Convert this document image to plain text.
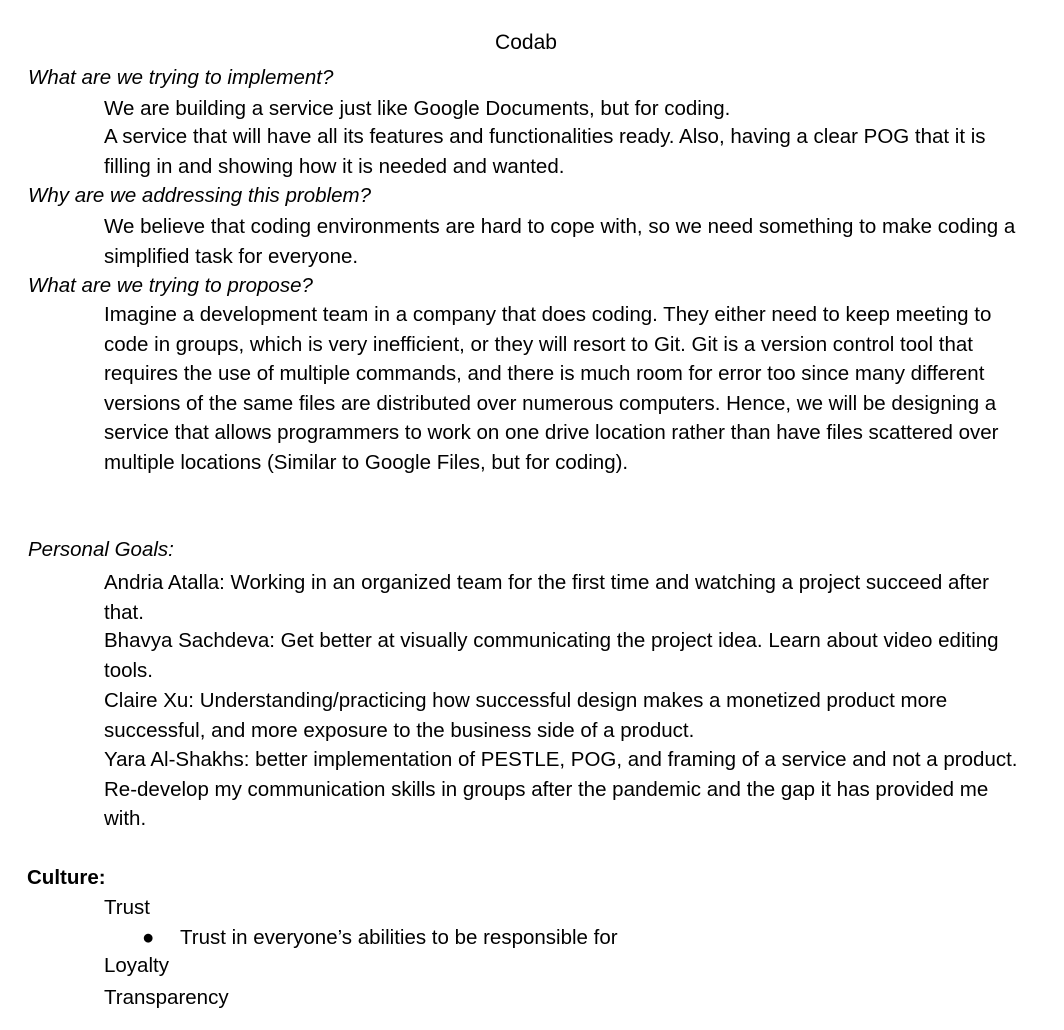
Codab
What are we trying to implement?
We are building a service just like Google Documents, but for coding.
A service that will have all its features and functionalities ready. Also, having a clear POG that it is filling in and showing how it is needed and wanted.
Why are we addressing this problem?
We believe that coding environments are hard to cope with, so we need something to make coding a simplified task for everyone.
What are we trying to propose?
Imagine a development team in a company that does coding. They either need to keep meeting to code in groups, which is very inefficient, or they will resort to Git. Git is a version control tool that requires the use of multiple commands, and there is much room for error too since many different versions of the same files are distributed over numerous computers. Hence, we will be designing a service that allows programmers to work on one drive location rather than have files scattered over multiple locations (Similar to Google Files, but for coding).
Personal Goals:
Andria Atalla: Working in an organized team for the first time and watching a project succeed after that.
Bhavya Sachdeva: Get better at visually communicating the project idea. Learn about video editing tools.
Claire Xu: Understanding/practicing how successful design makes a monetized product more successful, and more exposure to the business side of a product.
Yara Al-Shakhs: better implementation of PESTLE, POG, and framing of a service and not a product. Re-develop my communication skills in groups after the pandemic and the gap it has provided me with.
Culture:
Trust
● Trust in everyone’s abilities to be responsible for
Loyalty
Transparency
